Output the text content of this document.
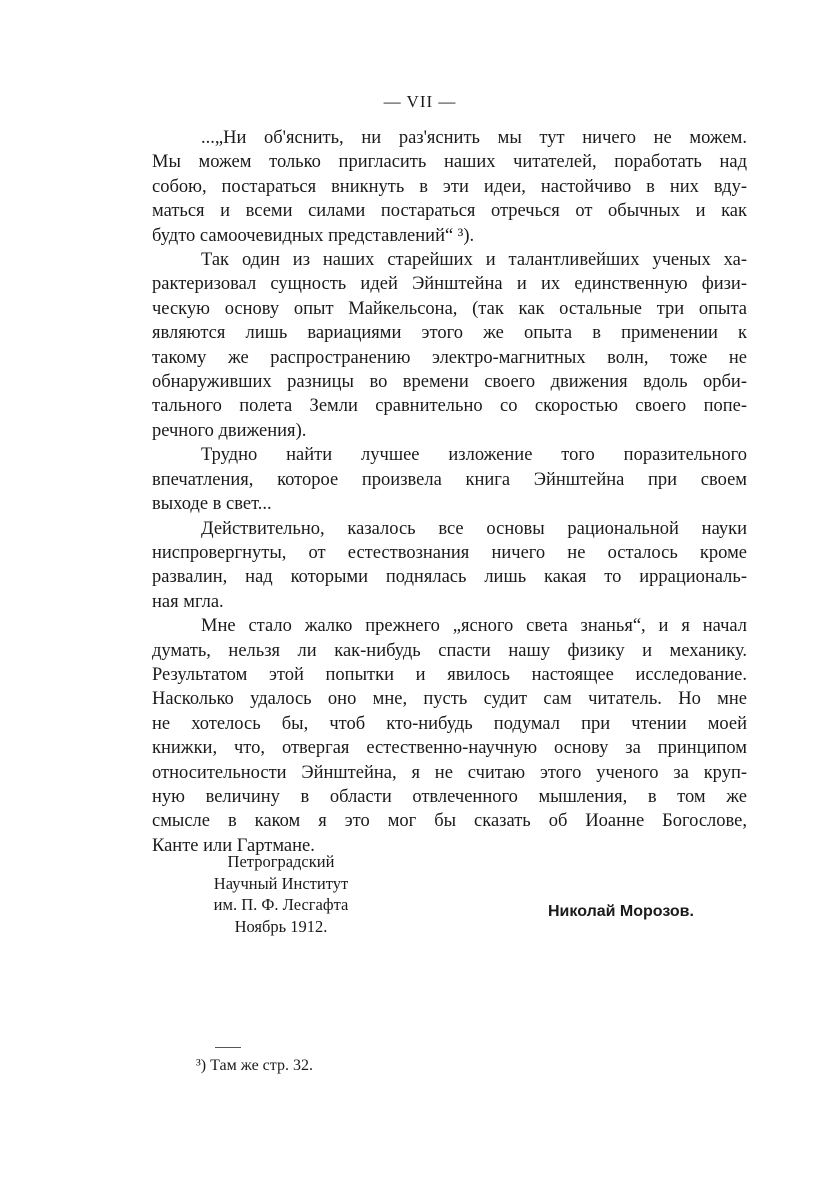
— VII —

...„Ни об'яснить, ни раз'яснить мы тут ничего не можем.
Мы можем только пригласить наших читателей, поработать над
собою, постараться вникнуть в эти идеи, настойчиво в них вду-
маться и всеми силами постараться отречься от обычных и как
будто самоочевидных представлений“ ³).

Так один из наших старейших и талантливейших ученых ха-
рактеризовал сущность идей Эйнштейна и их единственную физи-
ческую основу опыт Майкельсона, (так как остальные три опыта
являются лишь вариациями этого же опыта в применении к
такому же распространению электро-магнитных волн, тоже не
обнаруживших разницы во времени своего движения вдоль орби-
тального полета Земли сравнительно со скоростью своего попе-
речного движения).

Трудно найти лучшее изложение того поразительного
впечатления, которое произвела книга Эйнштейна при своем
выходе в свет...

Действительно, казалось все основы рациональной науки
ниспровергнуты, от естествознания ничего не осталось кроме
развалин, над которыми поднялась лишь какая то иррациональ-
ная мгла.

Мне стало жалко прежнего „ясного света знанья“, и я начал
думать, нельзя ли как-нибудь спасти нашу физику и механику.
Результатом этой попытки и явилось настоящее исследование.
Насколько удалось оно мне, пусть судит сам читатель. Но мне
не хотелось бы, чтоб кто-нибудь подумал при чтении моей
книжки, что, отвергая естественно-научную основу за принципом
относительности Эйнштейна, я не считаю этого ученого за круп-
ную величину в области отвлеченного мышления, в том же
смысле в каком я это мог бы сказать об Иоанне Богослове,
Канте или Гартмане.

Петроградский
Научный Институт
им. П. Ф. Лесгафта
Ноябрь 1912.
Николай Морозов.
³) Там же стр. 32.
